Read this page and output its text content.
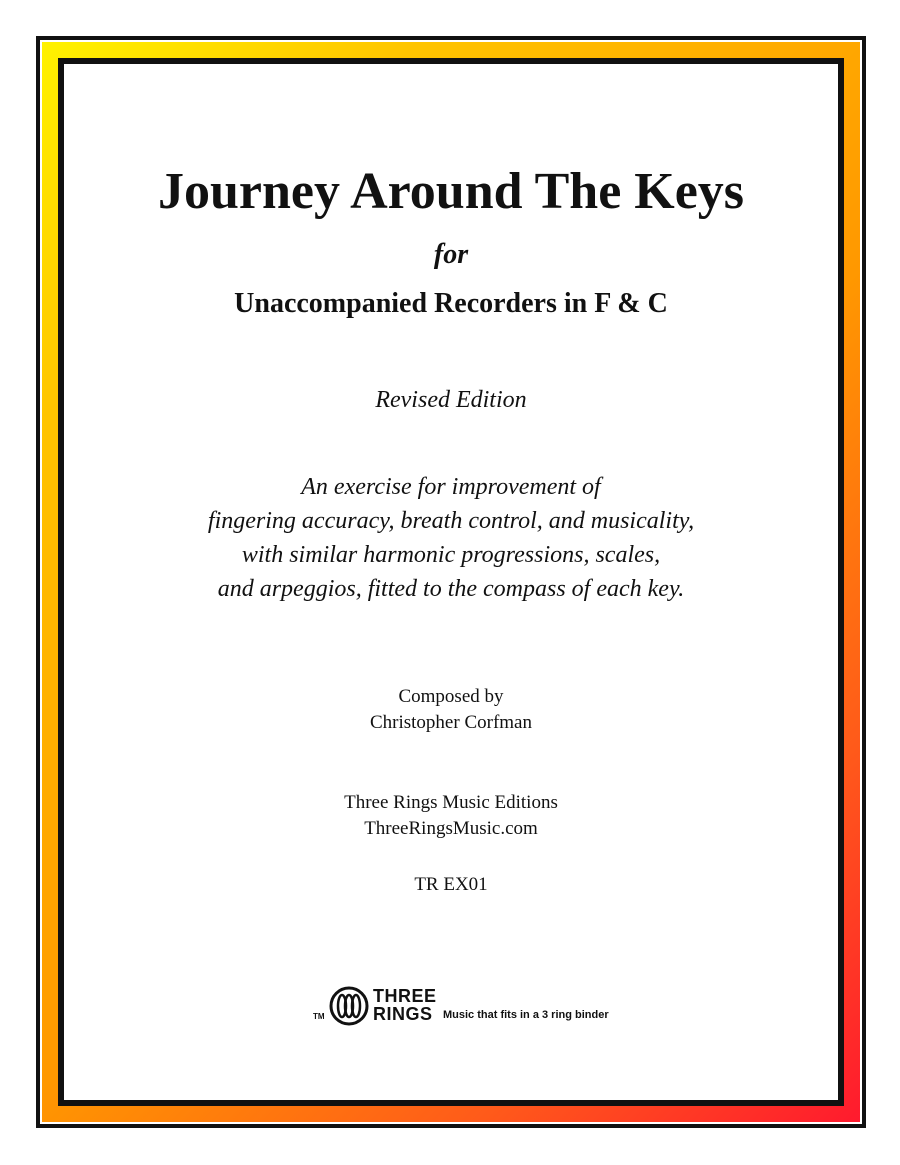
Journey Around The Keys
for
Unaccompanied Recorders in F & C
Revised Edition
An exercise for improvement of
fingering accuracy, breath control, and musicality,
with similar harmonic progressions, scales,
and arpeggios, fitted to the compass of each key.
Composed by
Christopher Corfman
Three Rings Music Editions
ThreeRingsMusic.com
TR EX01
TM
THREE
RINGS Music that fits in a 3 ring binder
